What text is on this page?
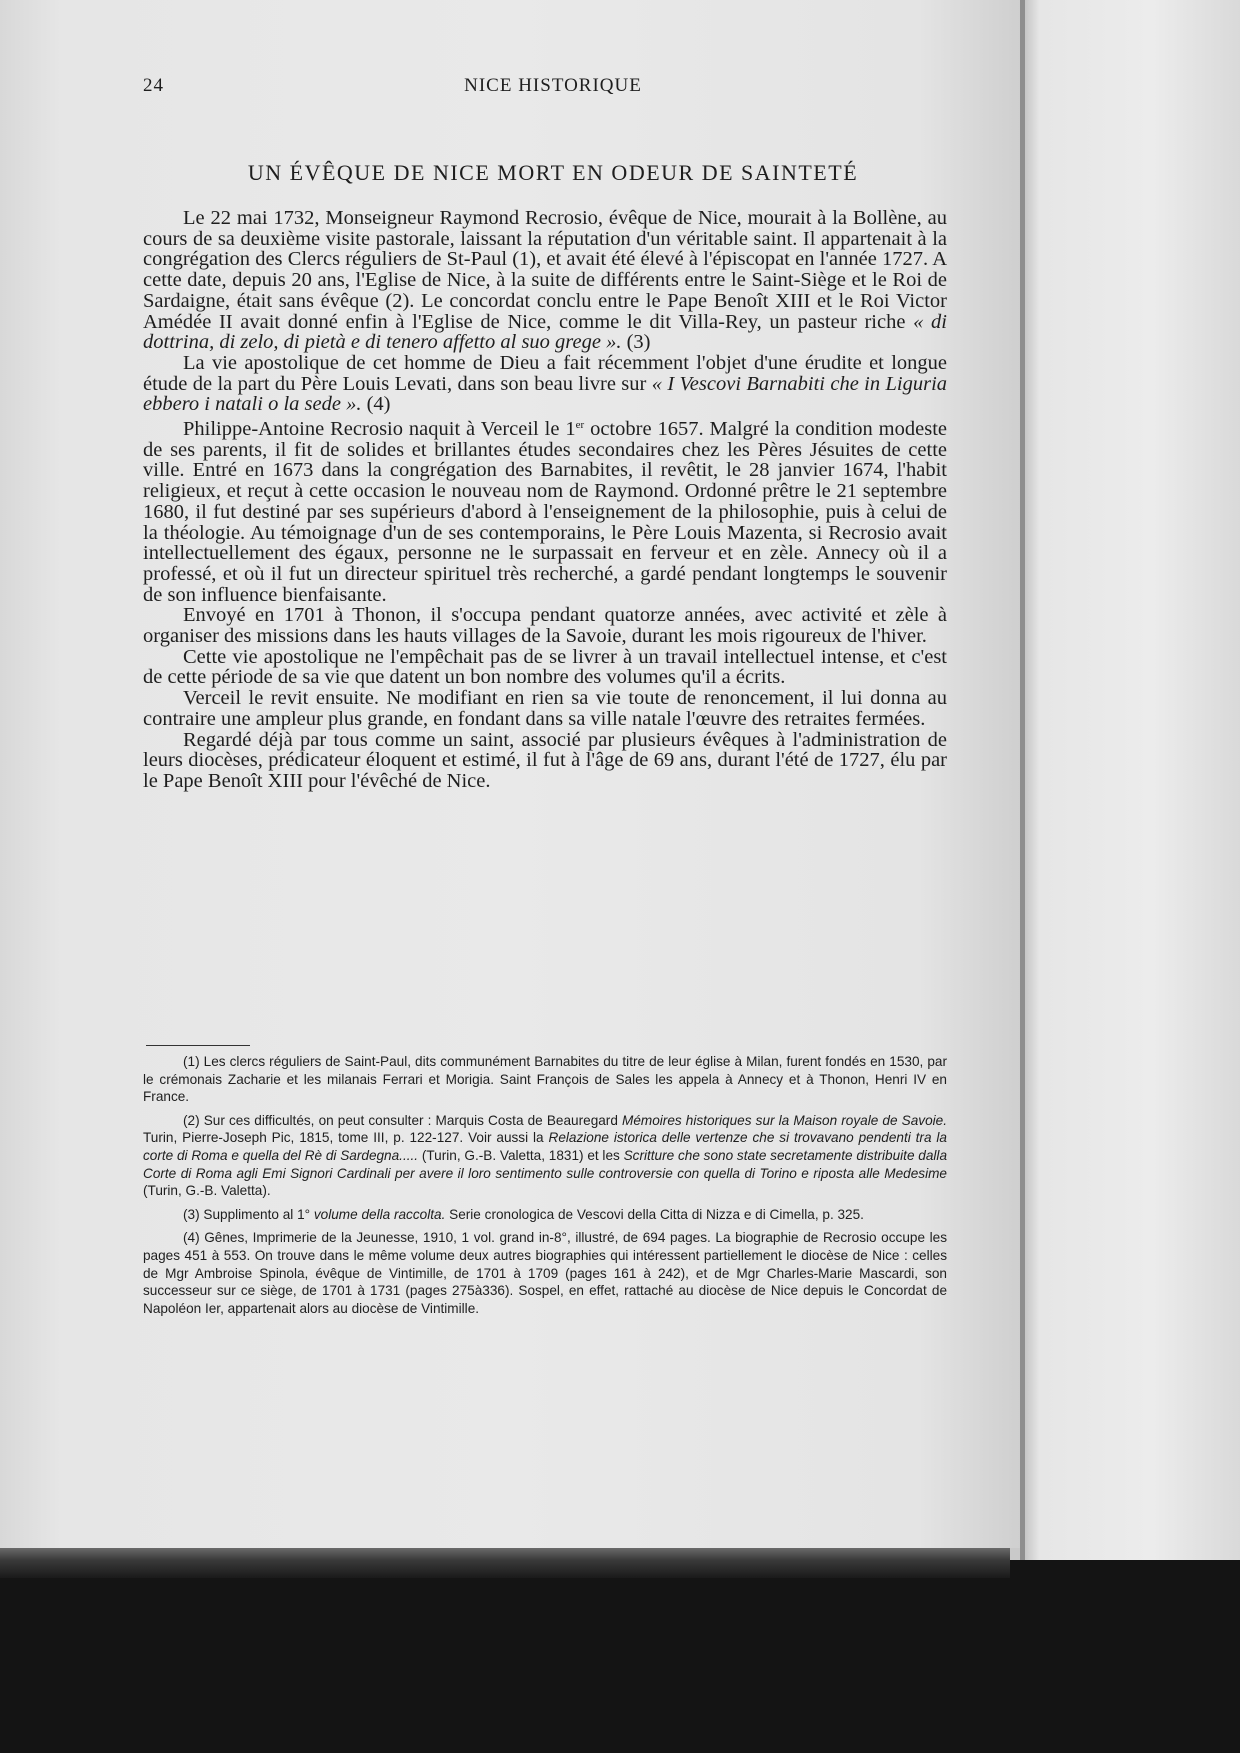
24	NICE HISTORIQUE
UN ÉVÊQUE DE NICE MORT EN ODEUR DE SAINTETÉ

Le 22 mai 1732, Monseigneur Raymond Recrosio, évêque de Nice, mourait à la Bollène, au cours de sa deuxième visite pastorale, laissant la réputation d'un véritable saint. Il appartenait à la congrégation des Clercs réguliers de St-Paul (1), et avait été élevé à l'épiscopat en l'année 1727. A cette date, depuis 20 ans, l'Eglise de Nice, à la suite de différents entre le Saint-Siège et le Roi de Sardaigne, était sans évêque (2). Le concordat conclu entre le Pape Benoît XIII et le Roi Victor Amédée II avait donné enfin à l'Eglise de Nice, comme le dit Villa-Rey, un pasteur riche « di dottrina, di zelo, di pietà e di tenero affetto al suo grege ». (3)

La vie apostolique de cet homme de Dieu a fait récemment l'objet d'une érudite et longue étude de la part du Père Louis Levati, dans son beau livre sur « I Vescovi Barnabiti che in Liguria ebbero i natali o la sede ». (4)

Philippe-Antoine Recrosio naquit à Verceil le 1er octobre 1657. Malgré la condition modeste de ses parents, il fit de solides et brillantes études secondaires chez les Pères Jésuites de cette ville. Entré en 1673 dans la congrégation des Barnabites, il revêtit, le 28 janvier 1674, l'habit religieux, et reçut à cette occasion le nouveau nom de Raymond. Ordonné prêtre le 21 septembre 1680, il fut destiné par ses supérieurs d'abord à l'enseignement de la philosophie, puis à celui de la théologie. Au témoignage d'un de ses contemporains, le Père Louis Mazenta, si Recrosio avait intellectuellement des égaux, personne ne le surpassait en ferveur et en zèle. Annecy où il a professé, et où il fut un directeur spirituel très recherché, a gardé pendant longtemps le souvenir de son influence bienfaisante.

Envoyé en 1701 à Thonon, il s'occupa pendant quatorze années, avec activité et zèle à organiser des missions dans les hauts villages de la Savoie, durant les mois rigoureux de l'hiver.

Cette vie apostolique ne l'empêchait pas de se livrer à un travail intellectuel intense, et c'est de cette période de sa vie que datent un bon nombre des volumes qu'il a écrits.

Verceil le revit ensuite. Ne modifiant en rien sa vie toute de renoncement, il lui donna au contraire une ampleur plus grande, en fondant dans sa ville natale l'œuvre des retraites fermées.

Regardé déjà par tous comme un saint, associé par plusieurs évêques à l'administration de leurs diocèses, prédicateur éloquent et estimé, il fut à l'âge de 69 ans, durant l'été de 1727, élu par le Pape Benoît XIII pour l'évêché de Nice.

(1) Les clercs réguliers de Saint-Paul, dits communément Barnabites du titre de leur église à Milan, furent fondés en 1530, par le crémonais Zacharie et les milanais Ferrari et Morigia. Saint François de Sales les appela à Annecy et à Thonon, Henri IV en France.

(2) Sur ces difficultés, on peut consulter : Marquis Costa de Beauregard Mémoires historiques sur la Maison royale de Savoie. Turin, Pierre-Joseph Pic, 1815, tome III, p. 122-127. Voir aussi la Relazione istorica delle vertenze che si trovavano pendenti tra la corte di Roma e quella del Rè di Sardegna..... (Turin, G.-B. Valetta, 1831) et les Scritture che sono state secretamente distribuite dalla Corte di Roma agli Emi Signori Cardinali per avere il loro sentimento sulle controversie con quella di Torino e riposta alle Medesime (Turin, G.-B. Valetta).

(3) Supplimento al 1° volume della raccolta. Serie cronologica de Vescovi della Citta di Nizza e di Cimella, p. 325.

(4) Gênes, Imprimerie de la Jeunesse, 1910, 1 vol. grand in-8°, illustré, de 694 pages. La biographie de Recrosio occupe les pages 451 à 553. On trouve dans le même volume deux autres biographies qui intéressent partiellement le diocèse de Nice : celles de Mgr Ambroise Spinola, évêque de Vintimille, de 1701 à 1709 (pages 161 à 242), et de Mgr Charles-Marie Mascardi, son successeur sur ce siège, de 1701 à 1731 (pages 275à336). Sospel, en effet, rattaché au diocèse de Nice depuis le Concordat de Napoléon Ier, appartenait alors au diocèse de Vintimille.
